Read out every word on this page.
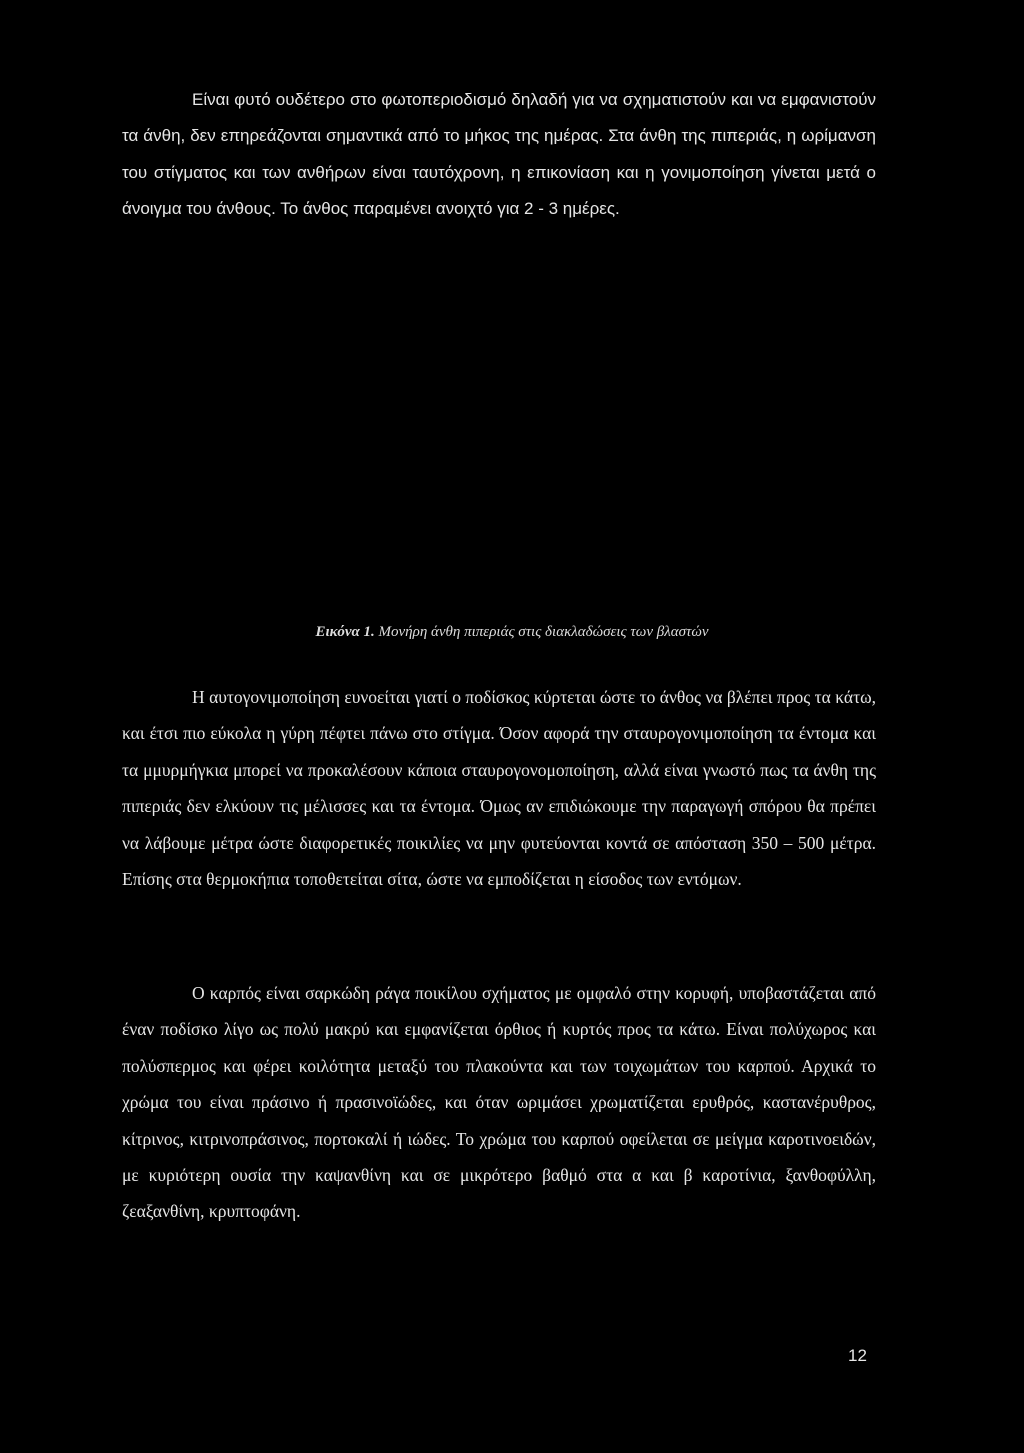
Είναι φυτό ουδέτερο στο φωτοπεριοδισμό δηλαδή για να σχηματιστούν και να εμφανιστούν τα άνθη, δεν επηρεάζονται σημαντικά από το μήκος της ημέρας. Στα άνθη της πιπεριάς, η ωρίμανση του στίγματος και των ανθήρων είναι ταυτόχρονη, η επικονίαση και η γονιμοποίηση γίνεται μετά ο άνοιγμα του άνθους. Το άνθος παραμένει ανοιχτό για 2 - 3 ημέρες.

Εικόνα 1. Μονήρη άνθη πιπεριάς στις διακλαδώσεις των βλαστών

Η αυτογονιμοποίηση ευνοείται γιατί ο ποδίσκος κύρτεται ώστε το άνθος να βλέπει προς τα κάτω, και έτσι πιο εύκολα η γύρη πέφτει πάνω στο στίγμα. Όσον αφορά την σταυρογονιμοποίηση τα έντομα και τα μμυρμήγκια μπορεί να προκαλέσουν κάποια σταυρογονομοποίηση, αλλά είναι γνωστό πως τα άνθη της πιπεριάς δεν ελκύουν τις μέλισσες και τα έντομα. Όμως αν επιδιώκουμε την παραγωγή σπόρου θα πρέπει να λάβουμε μέτρα ώστε διαφορετικές ποικιλίες να μην φυτεύονται κοντά σε απόσταση 350 – 500 μέτρα. Επίσης στα θερμοκήπια τοποθετείται σίτα, ώστε να εμποδίζεται η είσοδος των εντόμων.

Ο καρπός είναι σαρκώδη ράγα ποικίλου σχήματος με ομφαλό στην κορυφή, υποβαστάζεται από έναν ποδίσκο λίγο ως πολύ μακρύ και εμφανίζεται όρθιος ή κυρτός προς τα κάτω. Είναι πολύχωρος και πολύσπερμος και φέρει κοιλότητα μεταξύ του πλακούντα και των τοιχωμάτων του καρπού. Αρχικά το χρώμα του είναι πράσινο ή πρασινοϊώδες, και όταν ωριμάσει χρωματίζεται ερυθρός, καστανέρυθρος, κίτρινος, κιτρινοπράσινος, πορτοκαλί ή ιώδες. Το χρώμα του καρπού οφείλεται σε μείγμα καροτινοειδών, με κυριότερη ουσία την καψανθίνη και σε μικρότερο βαθμό στα α και β καροτίνια, ξανθοφύλλη, ζεαξανθίνη, κρυπτοφάνη.

12
